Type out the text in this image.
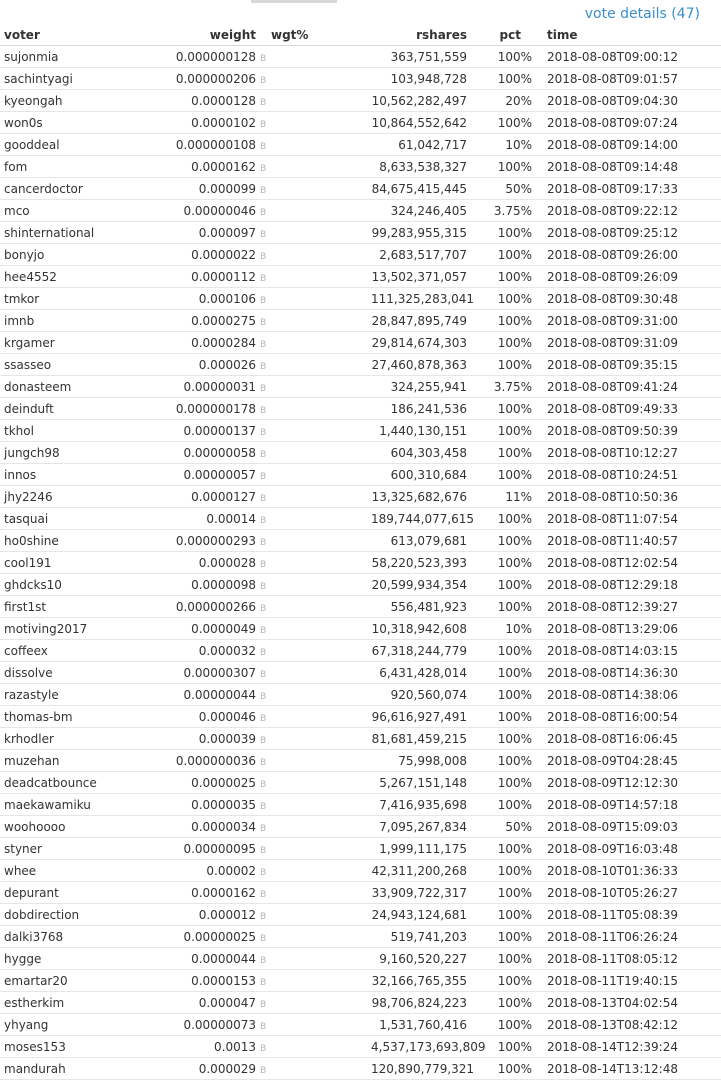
vote details (47)
voter	weight		wgt%	rshares	pct		time
sujonmia	0.000000128	B		363,751,559	100%		2018-08-08T09:00:12
sachintyagi	0.000000206	B		103,948,728	100%		2018-08-08T09:01:57
kyeongah	0.0000128	B		10,562,282,497	20%		2018-08-08T09:04:30
won0s	0.0000102	B		10,864,552,642	100%		2018-08-08T09:07:24
gooddeal	0.000000108	B		61,042,717	10%		2018-08-08T09:14:00
fom	0.0000162	B		8,633,538,327	100%		2018-08-08T09:14:48
cancerdoctor	0.000099	B		84,675,415,445	50%		2018-08-08T09:17:33
mco	0.00000046	B		324,246,405	3.75%		2018-08-08T09:22:12
shinternational	0.000097	B		99,283,955,315	100%		2018-08-08T09:25:12
bonyjo	0.0000022	B		2,683,517,707	100%		2018-08-08T09:26:00
hee4552	0.0000112	B		13,502,371,057	100%		2018-08-08T09:26:09
tmkor	0.000106	B		111,325,283,041	100%		2018-08-08T09:30:48
imnb	0.0000275	B		28,847,895,749	100%		2018-08-08T09:31:00
krgamer	0.0000284	B		29,814,674,303	100%		2018-08-08T09:31:09
ssasseo	0.000026	B		27,460,878,363	100%		2018-08-08T09:35:15
donasteem	0.00000031	B		324,255,941	3.75%		2018-08-08T09:41:24
deinduft	0.000000178	B		186,241,536	100%		2018-08-08T09:49:33
tkhol	0.00000137	B		1,440,130,151	100%		2018-08-08T09:50:39
jungch98	0.00000058	B		604,303,458	100%		2018-08-08T10:12:27
innos	0.00000057	B		600,310,684	100%		2018-08-08T10:24:51
jhy2246	0.0000127	B		13,325,682,676	11%		2018-08-08T10:50:36
tasquai	0.00014	B		189,744,077,615	100%		2018-08-08T11:07:54
ho0shine	0.000000293	B		613,079,681	100%		2018-08-08T11:40:57
cool191	0.000028	B		58,220,523,393	100%		2018-08-08T12:02:54
ghdcks10	0.0000098	B		20,599,934,354	100%		2018-08-08T12:29:18
first1st	0.000000266	B		556,481,923	100%		2018-08-08T12:39:27
motiving2017	0.0000049	B		10,318,942,608	10%		2018-08-08T13:29:06
coffeex	0.000032	B		67,318,244,779	100%		2018-08-08T14:03:15
dissolve	0.00000307	B		6,431,428,014	100%		2018-08-08T14:36:30
razastyle	0.00000044	B		920,560,074	100%		2018-08-08T14:38:06
thomas-bm	0.000046	B		96,616,927,491	100%		2018-08-08T16:00:54
krhodler	0.000039	B		81,681,459,215	100%		2018-08-08T16:06:45
muzehan	0.000000036	B		75,998,008	100%		2018-08-09T04:28:45
deadcatbounce	0.0000025	B		5,267,151,148	100%		2018-08-09T12:12:30
maekawamiku	0.0000035	B		7,416,935,698	100%		2018-08-09T14:57:18
woohoooo	0.0000034	B		7,095,267,834	50%		2018-08-09T15:09:03
styner	0.00000095	B		1,999,111,175	100%		2018-08-09T16:03:48
whee	0.00002	B		42,311,200,268	100%		2018-08-10T01:36:33
depurant	0.0000162	B		33,909,722,317	100%		2018-08-10T05:26:27
dobdirection	0.000012	B		24,943,124,681	100%		2018-08-11T05:08:39
dalki3768	0.00000025	B		519,741,203	100%		2018-08-11T06:26:24
hygge	0.0000044	B		9,160,520,227	100%		2018-08-11T08:05:12
emartar20	0.0000153	B		32,166,765,355	100%		2018-08-11T19:40:15
estherkim	0.000047	B		98,706,824,223	100%		2018-08-13T04:02:54
yhyang	0.00000073	B		1,531,760,416	100%		2018-08-13T08:42:12
moses153	0.0013	B		4,537,173,693,809	100%		2018-08-14T12:39:24
mandurah	0.000029	B		120,890,779,321	100%		2018-08-14T13:12:48
